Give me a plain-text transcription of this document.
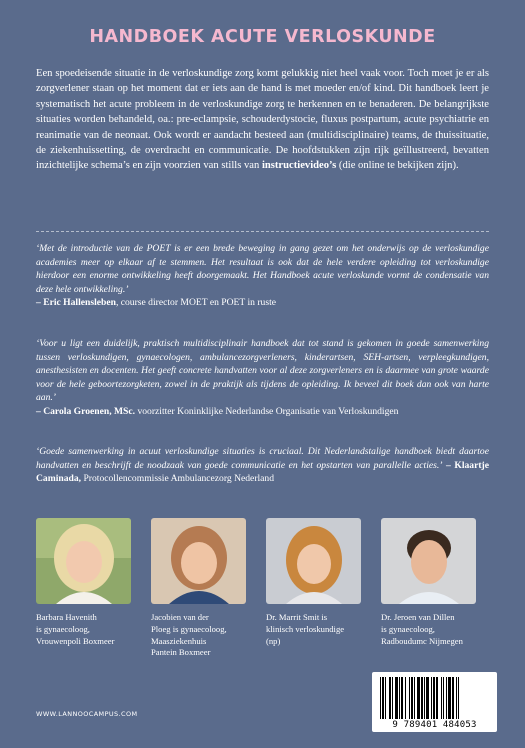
HANDBOEK ACUTE VERLOSKUNDE
Een spoedeisende situatie in de verloskundige zorg komt gelukkig niet heel vaak voor. Toch moet je er als zorgverlener staan op het moment dat er iets aan de hand is met moeder en/of kind. Dit handboek leert je systematisch het acute probleem in de verloskundige zorg te herkennen en te benaderen. De belangrijkste situaties worden behandeld, oa.: pre-eclampsie, schouderdystocie, fluxus postpartum, acute psychiatrie en reanimatie van de neonaat. Ook wordt er aandacht besteed aan (multidisciplinaire) teams, de thuissituatie, de ziekenhuissetting, de overdracht en communicatie. De hoofdstukken zijn rijk geïllustreerd, bevatten inzichtelijke schema’s en zijn voorzien van stills van instructievideo’s (die online te bekijken zijn).
‘Met de introductie van de POET is er een brede beweging in gang gezet om het onderwijs op de verloskundige academies meer op elkaar af te stemmen. Het resultaat is ook dat de hele verdere opleiding tot verloskundige hierdoor een enorme ontwikkeling heeft doorgemaakt. Het Handboek acute verloskunde vormt de condensatie van deze hele ontwikkeling.’
– Eric Hallensleben, course director MOET en POET in ruste
‘Voor u ligt een duidelijk, praktisch multidisciplinair handboek dat tot stand is gekomen in goede samenwerking tussen verloskundigen, gynaecologen, ambulancezorgverleners, kinderartsen, SEH-artsen, verpleegkundigen, anesthesisten en docenten. Het geeft concrete handvatten voor al deze zorgverleners en is daarmee van grote waarde voor de hele geboortezorgketen, zowel in de praktijk als tijdens de opleiding. Ik beveel dit boek dan ook van harte aan.’
– Carola Groenen, MSc. voorzitter Koninklijke Nederlandse Organisatie van Verloskundigen
‘Goede samenwerking in acuut verloskundige situaties is cruciaal. Dit Nederlandstalige handboek biedt daartoe handvatten en beschrijft de noodzaak van goede communicatie en het opstarten van parallelle acties.’ – Klaartje Caminada, Protocollencommissie Ambulancezorg Nederland
Barbara Havenith
is gynaecoloog,
Vrouwenpoli Boxmeer
Jacobien van der
Ploeg is gynaecoloog,
Maasziekenhuis
Pantein Boxmeer
Dr. Marrit Smit is
klinisch verloskundige
(np)
Dr. Jeroen van Dillen
is gynaecoloog,
Radboudumc Nijmegen
WWW.LANNOOCAMPUS.COM
9 789401 484053
